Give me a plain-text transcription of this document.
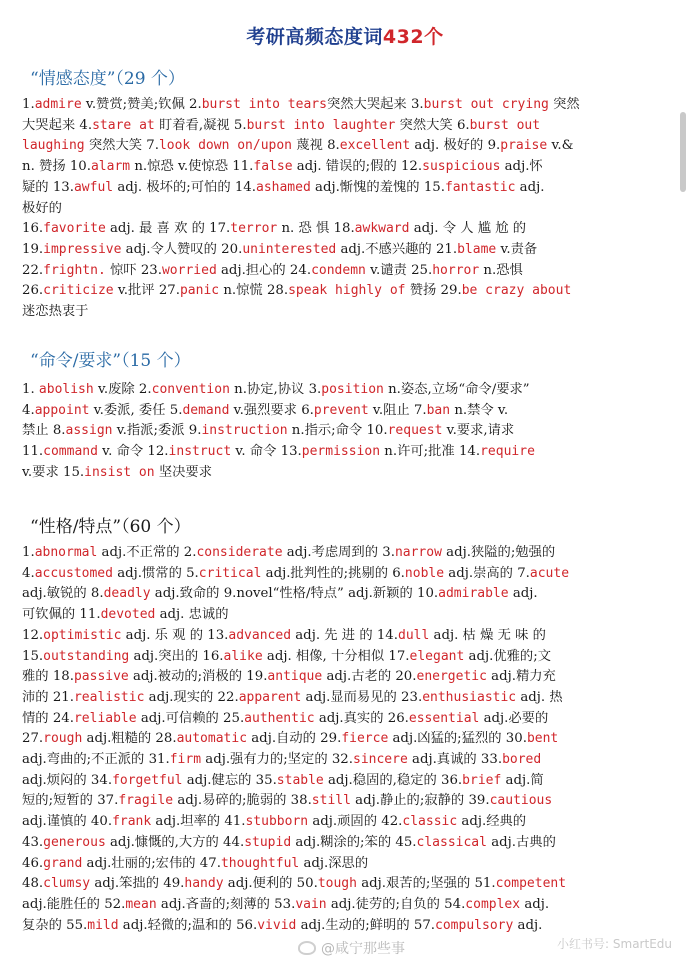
考研高频态度词432个
“情感态度”（29 个）
1.admire v.赞赏;赞美;钦佩 2.burst into tears突然大哭起来 3.burst out crying 突然
大哭起来 4.stare at 盯着看,凝视 5.burst into laughter 突然大笑 6.burst out
laughing 突然大笑 7.look down on/upon 蔑视 8.excellent adj. 极好的 9.praise v.&
n. 赞扬 10.alarm n.惊恐 v.使惊恐 11.false adj. 错误的;假的 12.suspicious adj.怀
疑的 13.awful adj. 极坏的;可怕的 14.ashamed adj.惭愧的羞愧的 15.fantastic adj.
极好的
16.favorite adj. 最 喜 欢 的 17.terror n. 恐 惧 18.awkward adj. 令 人 尴 尬 的
19.impressive adj.令人赞叹的 20.uninterested adj.不感兴趣的 21.blame v.责备
22.frightn. 惊吓 23.worried adj.担心的 24.condemn v.谴责 25.horror n.恐惧
26.criticize v.批评 27.panic n.惊慌 28.speak highly of 赞扬 29.be crazy about
迷恋热衷于
“命令/要求”（15 个）
1. abolish v.废除 2.convention n.协定,协议 3.position n.姿态,立场“命令/要求”
4.appoint v.委派, 委任 5.demand v.强烈要求 6.prevent v.阻止 7.ban n.禁令 v.
禁止 8.assign v.指派;委派 9.instruction n.指示;命令 10.request v.要求,请求
11.command v. 命令 12.instruct v. 命令 13.permission n.许可;批准 14.require
v.要求 15.insist on 坚决要求
“性格/特点”（60 个）
1.abnormal adj.不正常的 2.considerate adj.考虑周到的 3.narrow adj.狭隘的;勉强的
4.accustomed adj.惯常的 5.critical adj.批判性的;挑剔的 6.noble adj.崇高的 7.acute
adj.敏锐的 8.deadly adj.致命的 9.novel“性格/特点” adj.新颖的 10.admirable adj.
可钦佩的 11.devoted adj. 忠诚的
12.optimistic adj. 乐 观 的 13.advanced adj. 先 进 的 14.dull adj. 枯 燥 无 味 的
15.outstanding adj.突出的 16.alike adj. 相像, 十分相似 17.elegant adj.优雅的;文
雅的 18.passive adj.被动的;消极的 19.antique adj.古老的 20.energetic adj.精力充
沛的 21.realistic adj.现实的 22.apparent adj.显而易见的 23.enthusiastic adj. 热
情的 24.reliable adj.可信赖的 25.authentic adj.真实的 26.essential adj.必要的
27.rough adj.粗糙的 28.automatic adj.自动的 29.fierce adj.凶猛的;猛烈的 30.bent
adj.弯曲的;不正派的 31.firm adj.强有力的;坚定的 32.sincere adj.真诚的 33.bored
adj.烦闷的 34.forgetful adj.健忘的 35.stable adj.稳固的,稳定的 36.brief adj.简
短的;短暂的 37.fragile adj.易碎的;脆弱的 38.still adj.静止的;寂静的 39.cautious
adj.谨慎的 40.frank adj.坦率的 41.stubborn adj.顽固的 42.classic adj.经典的
43.generous adj.慷慨的,大方的 44.stupid adj.糊涂的;笨的 45.classical adj.古典的
46.grand adj.壮丽的;宏伟的 47.thoughtful adj.深思的
48.clumsy adj.笨拙的 49.handy adj.便利的 50.tough adj.艰苦的;坚强的 51.competent
adj.能胜任的 52.mean adj.吝啬的;刻薄的 53.vain adj.徒劳的;自负的 54.complex adj.
复杂的 55.mild adj.轻微的;温和的 56.vivid adj.生动的;鲜明的 57.compulsory adj.
@咸宁那些事	小红书号: SmartEdu
